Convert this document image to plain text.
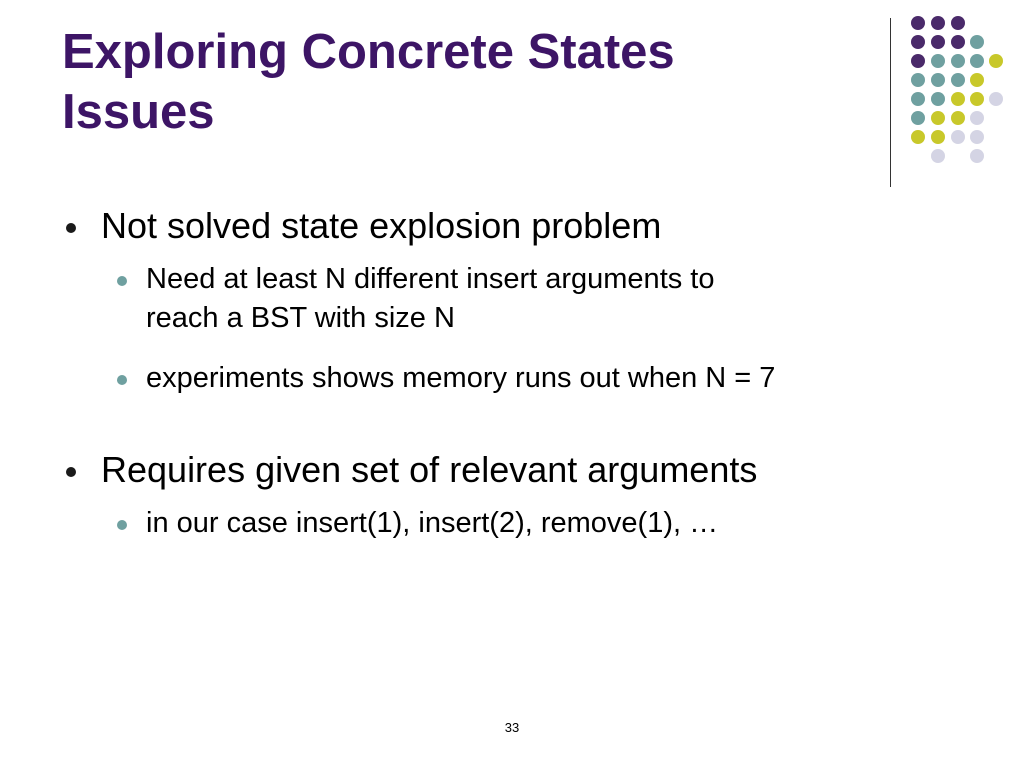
Exploring Concrete States
Issues
Not solved state explosion problem
Need at least N different insert arguments to
reach a BST with size N
experiments shows memory runs out when N = 7
Requires given set of relevant arguments
in our case insert(1), insert(2), remove(1), …
33
